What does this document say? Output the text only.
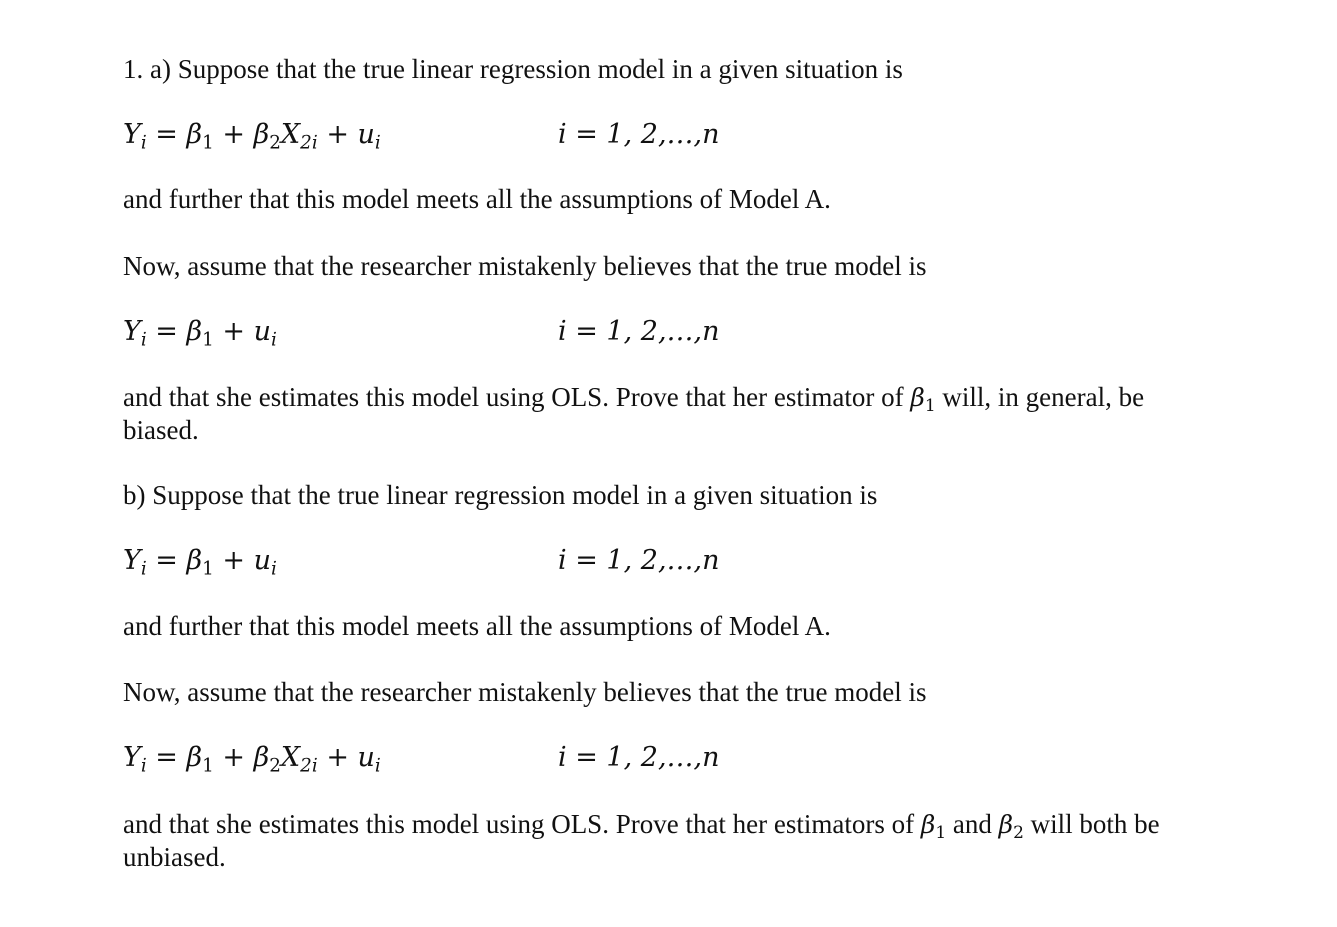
1. a) Suppose that the true linear regression model in a given situation is
$Y_i = \beta_1 + \beta_2X_{2i} + u_i$	i = 1, 2,…,n
and further that this model meets all the assumptions of Model A.
Now, assume that the researcher mistakenly believes that the true model is
$Y_i = \beta_1 + u_i$	i = 1, 2,…,n
and that she estimates this model using OLS. Prove that her estimator of $\beta_1$ will, in general, be biased.
b) Suppose that the true linear regression model in a given situation is
$Y_i = \beta_1 + u_i$	i = 1, 2,…,n
and further that this model meets all the assumptions of Model A.
Now, assume that the researcher mistakenly believes that the true model is
$Y_i = \beta_1 + \beta_2X_{2i} + u_i$	i = 1, 2,…,n
and that she estimates this model using OLS. Prove that her estimators of $\beta_1$ and $\beta_2$ will both be unbiased.
